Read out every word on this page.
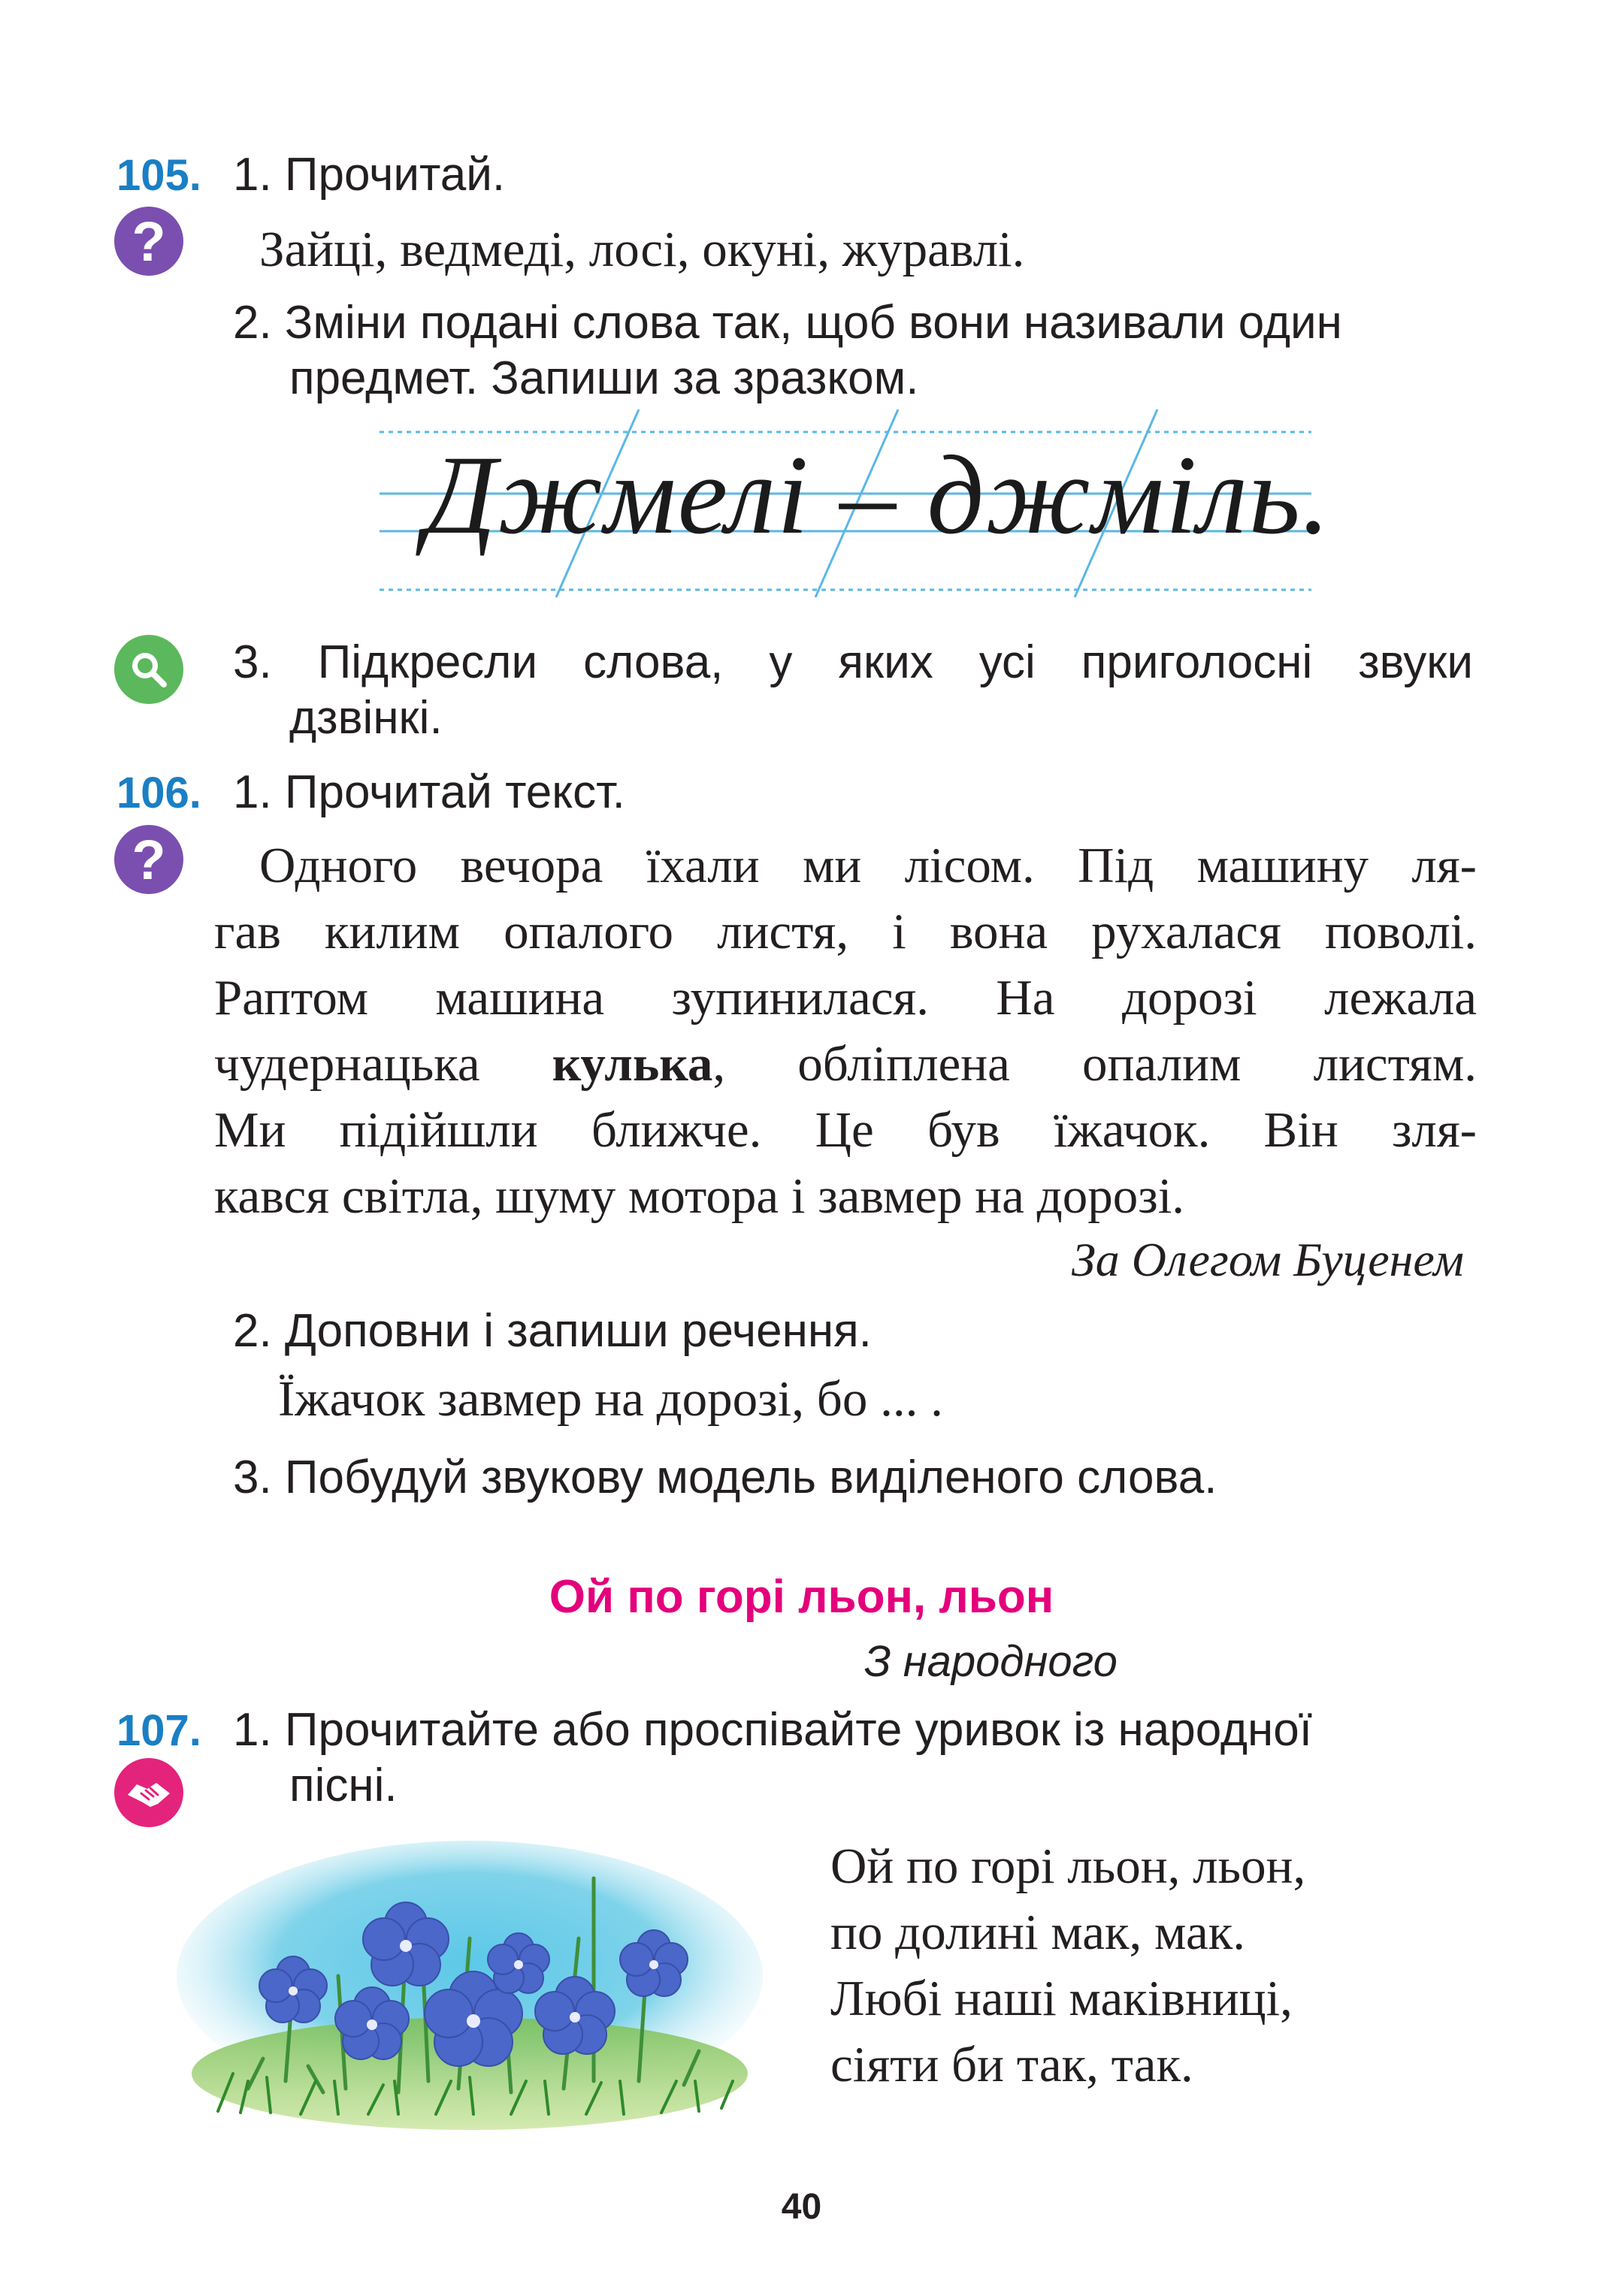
105. 1. Прочитай.
?	Зайці, ведмеді, лосі, окуні, журавлі.
2. Зміни подані слова так, щоб вони називали один
предмет. Запиши за зразком.
Джмелі – джміль.
3. Підкресли слова, у яких усі приголосні звуки
дзвінкі.
106. 1. Прочитай текст.
?	Одного вечора їхали ми лісом. Під машину ля-
гав килим опалого листя, і вона рухалася поволі.
Раптом машина зупинилася. На дорозі лежала
чудернацька кулька, обліплена опалим листям.
Ми підійшли ближче. Це був їжачок. Він зля-
кався світла, шуму мотора і завмер на дорозі.
За Олегом Буценем
2. Доповни і запиши речення.
Їжачок завмер на дорозі, бо ... .
3. Побудуй звукову модель виділеного слова.
Ой по горі льон, льон
З народного
107. 1. Прочитайте або проспівайте уривок із народної
пісні.
Ой по горі льон, льон,
по долині мак, мак.
Любі наші маківниці,
сіяти би так, так.
40
